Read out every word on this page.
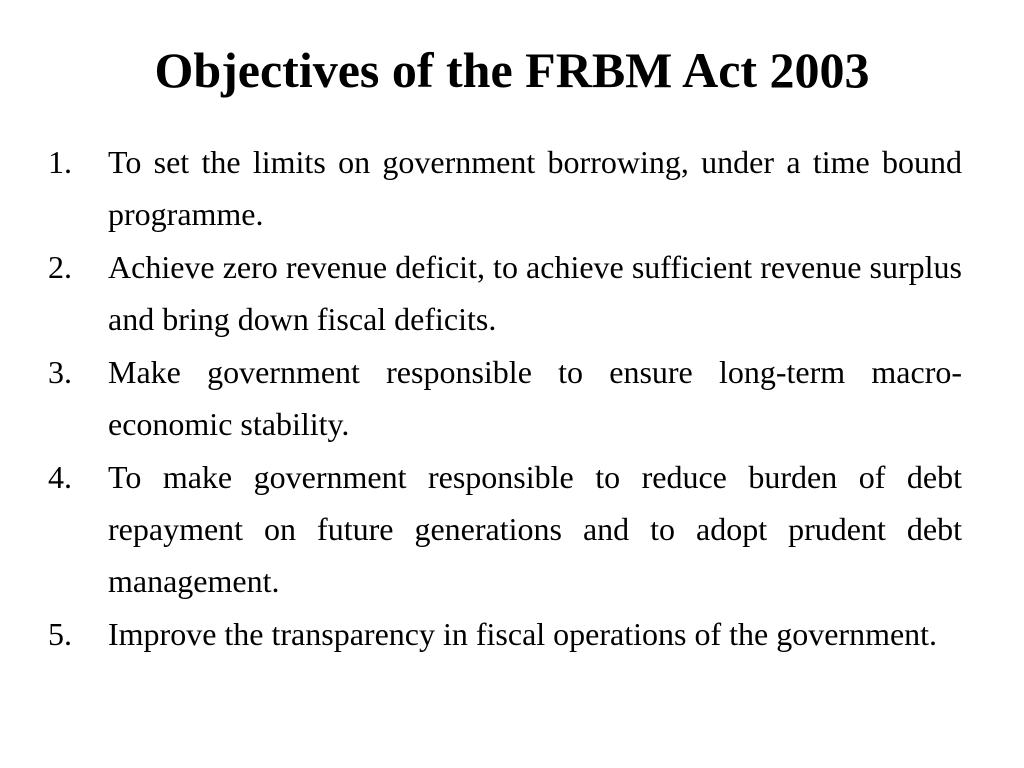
Objectives of the FRBM Act 2003
1. To set the limits on government borrowing, under a time bound programme.
2. Achieve zero revenue deficit, to achieve sufficient revenue surplus and bring down fiscal deficits.
3. Make government responsible to ensure long-term macro- economic stability.
4. To make government responsible to reduce burden of debt repayment on future generations and to adopt prudent debt management.
5. Improve the transparency in fiscal operations of the government.
